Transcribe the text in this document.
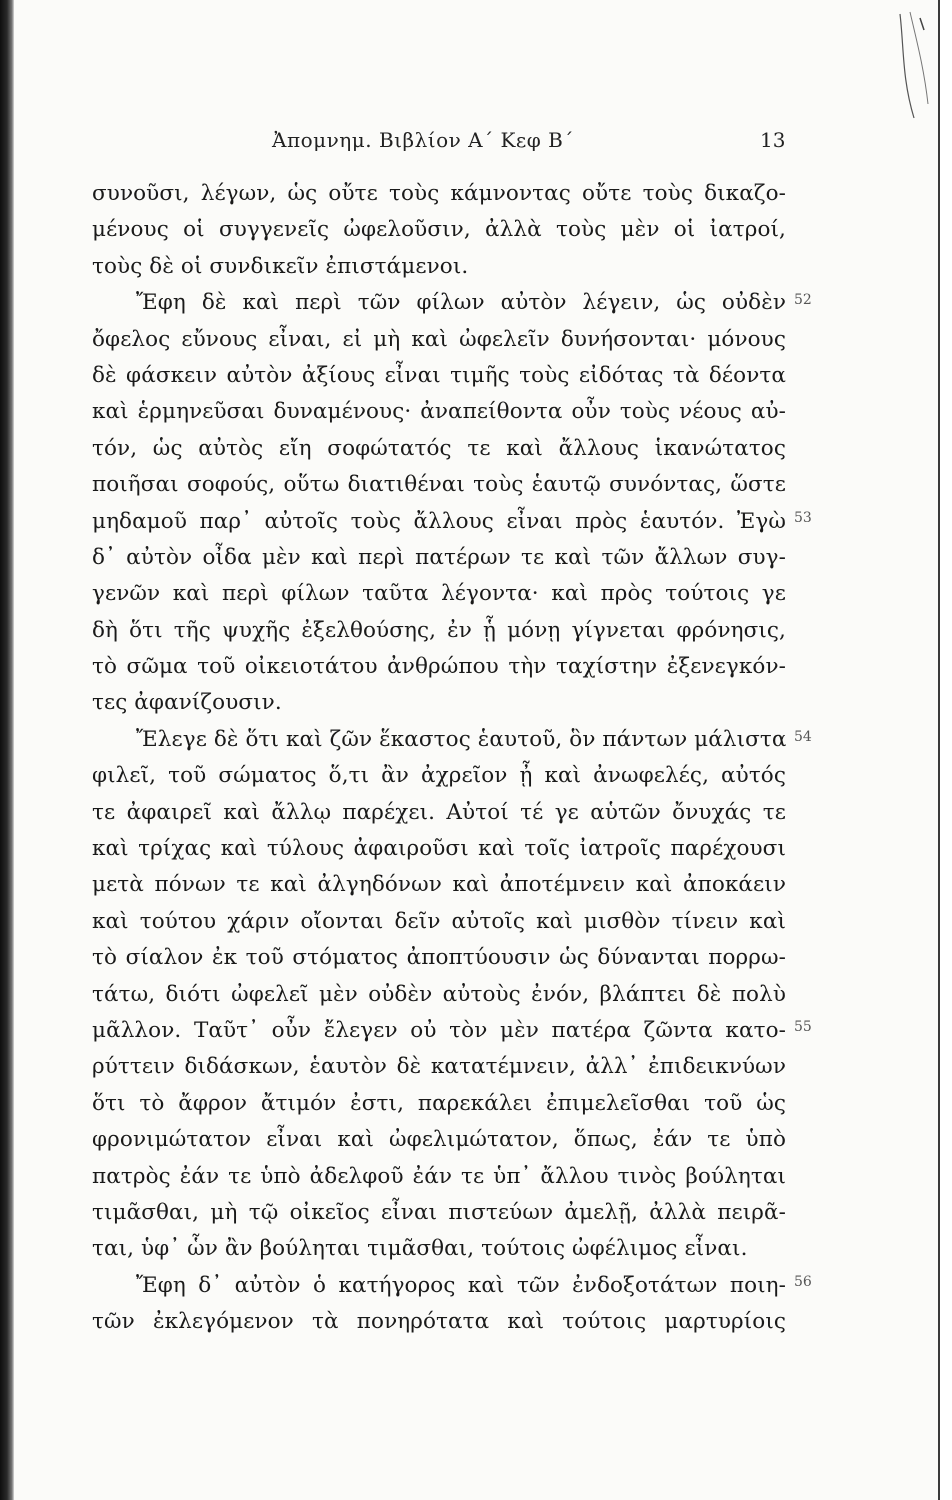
Ἀπομνημ. Βιβλίον Α΄ Κεφ Β΄	13
συνοῦσι, λέγων, ὡς οὔτε τοὺς κάμνοντας οὔτε τοὺς δικαζο-
μένους οἱ συγγενεῖς ὠφελοῦσιν, ἀλλὰ τοὺς μὲν οἱ ἰατροί,
τοὺς δὲ οἱ συνδικεῖν ἐπιστάμενοι.
Ἔφη δὲ καὶ περὶ τῶν φίλων αὐτὸν λέγειν, ὡς οὐδὲν
ὄφελος εὔνους εἶναι, εἰ μὴ καὶ ὠφελεῖν δυνήσονται· μόνους
δὲ φάσκειν αὐτὸν ἀξίους εἶναι τιμῆς τοὺς εἰδότας τὰ δέοντα
καὶ ἑρμηνεῦσαι δυναμένους· ἀναπείθοντα οὖν τοὺς νέους αὐ-
τόν, ὡς αὐτὸς εἴη σοφώτατός τε καὶ ἄλλους ἱκανώτατος
ποιῆσαι σοφούς, οὕτω διατιθέναι τοὺς ἑαυτῷ συνόντας, ὥστε
μηδαμοῦ παρ᾿ αὐτοῖς τοὺς ἄλλους εἶναι πρὸς ἑαυτόν. Ἐγὼ
δ᾿ αὐτὸν οἶδα μὲν καὶ περὶ πατέρων τε καὶ τῶν ἄλλων συγ-
γενῶν καὶ περὶ φίλων ταῦτα λέγοντα· καὶ πρὸς τούτοις γε
δὴ ὅτι τῆς ψυχῆς ἐξελθούσης, ἐν ᾗ μόνῃ γίγνεται φρόνησις,
τὸ σῶμα τοῦ οἰκειοτάτου ἀνθρώπου τὴν ταχίστην ἐξενεγκόν-
τες ἀφανίζουσιν.
Ἔλεγε δὲ ὅτι καὶ ζῶν ἕκαστος ἑαυτοῦ, ὃν πάντων μάλιστα
φιλεῖ, τοῦ σώματος ὅ,τι ἂν ἀχρεῖον ᾖ καὶ ἀνωφελές, αὐτός
τε ἀφαιρεῖ καὶ ἄλλῳ παρέχει. Αὐτοί τέ γε αὑτῶν ὄνυχάς τε
καὶ τρίχας καὶ τύλους ἀφαιροῦσι καὶ τοῖς ἰατροῖς παρέχουσι
μετὰ πόνων τε καὶ ἀλγηδόνων καὶ ἀποτέμνειν καὶ ἀποκάειν
καὶ τούτου χάριν οἴονται δεῖν αὐτοῖς καὶ μισθὸν τίνειν καὶ
τὸ σίαλον ἐκ τοῦ στόματος ἀποπτύουσιν ὡς δύνανται πορρω-
τάτω, διότι ὠφελεῖ μὲν οὐδὲν αὐτοὺς ἐνόν, βλάπτει δὲ πολὺ
μᾶλλον. Ταῦτ᾿ οὖν ἔλεγεν οὐ τὸν μὲν πατέρα ζῶντα κατο-
ρύττειν διδάσκων, ἑαυτὸν δὲ κατατέμνειν, ἀλλ᾿ ἐπιδεικνύων
ὅτι τὸ ἄφρον ἄτιμόν ἐστι, παρεκάλει ἐπιμελεῖσθαι τοῦ ὡς
φρονιμώτατον εἶναι καὶ ὠφελιμώτατον, ὅπως, ἐάν τε ὑπὸ
πατρὸς ἐάν τε ὑπὸ ἀδελφοῦ ἐάν τε ὑπ᾿ ἄλλου τινὸς βούληται
τιμᾶσθαι, μὴ τῷ οἰκεῖος εἶναι πιστεύων ἀμελῇ, ἀλλὰ πειρᾶ-
ται, ὑφ᾿ ὧν ἂν βούληται τιμᾶσθαι, τούτοις ὠφέλιμος εἶναι.
Ἔφη δ᾿ αὐτὸν ὁ κατήγορος καὶ τῶν ἐνδοξοτάτων ποιη-
τῶν ἐκλεγόμενον τὰ πονηρότατα καὶ τούτοις μαρτυρίοις
52
53
54
55
56
